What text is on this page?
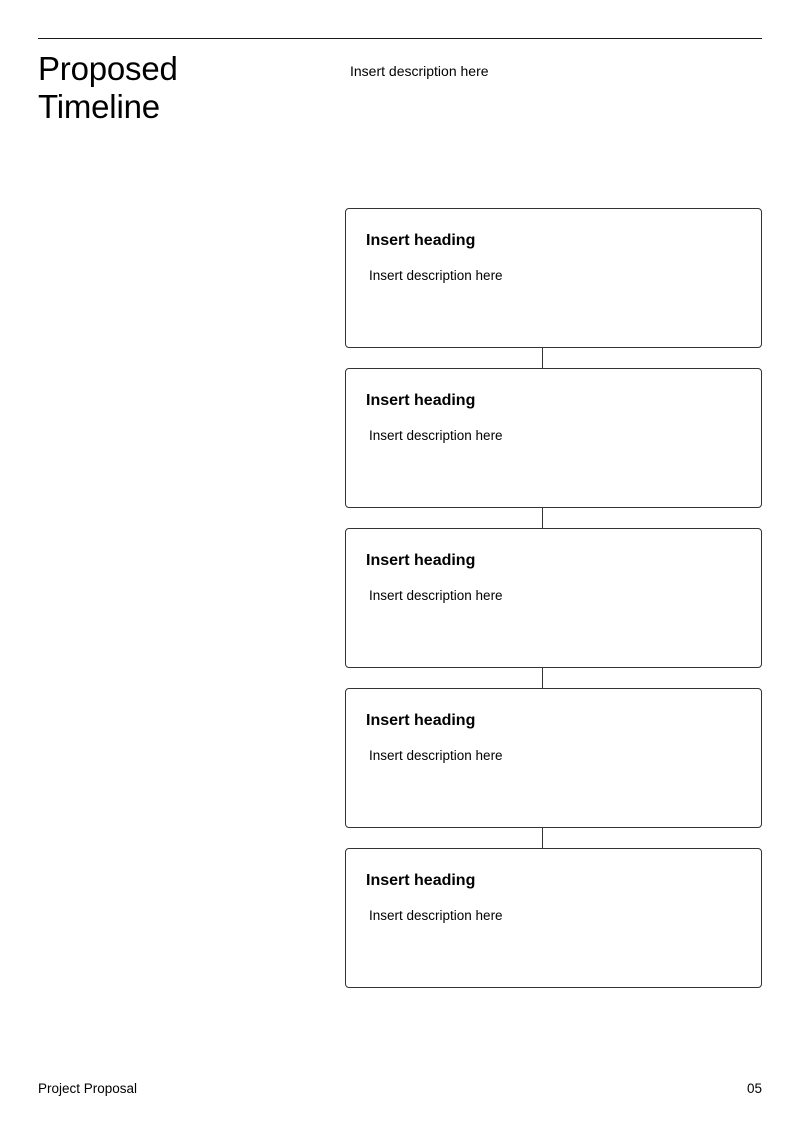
Proposed
Timeline

Insert description here

Insert heading

Insert description here

Insert heading

Insert description here

Insert heading

Insert description here

Insert heading

Insert description here

Insert heading

Insert description here

Project Proposal	05
